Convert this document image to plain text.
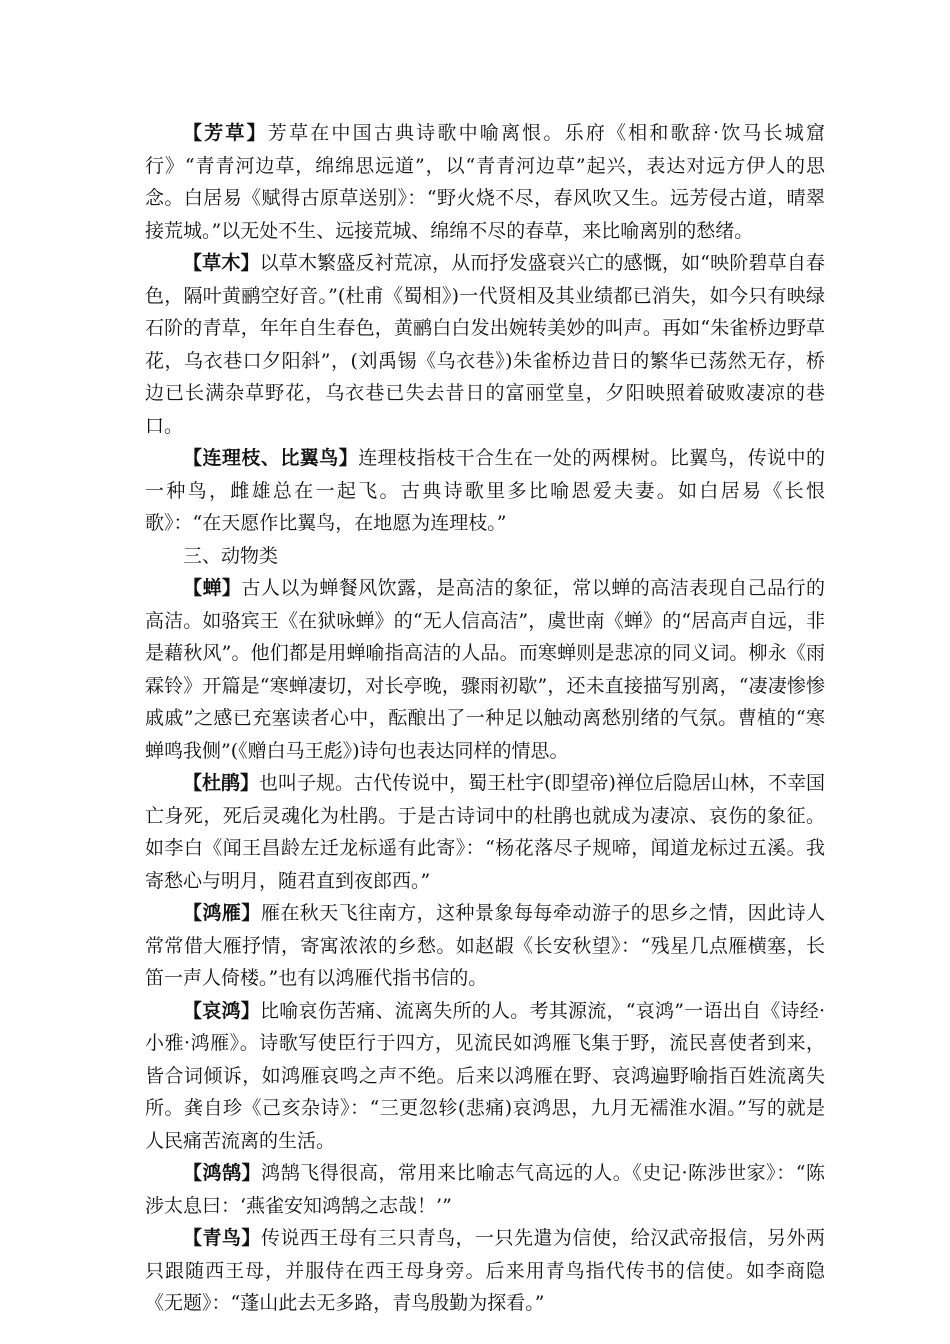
【芳草】芳草在中国古典诗歌中喻离恨。乐府《相和歌辞·饮马长城窟行》“青青河边草，绵绵思远道”，以“青青河边草”起兴，表达对远方伊人的思念。白居易《赋得古原草送别》：“野火烧不尽，春风吹又生。远芳侵古道，晴翠接荒城。”以无处不生、远接荒城、绵绵不尽的春草，来比喻离别的愁绪。

【草木】以草木繁盛反衬荒凉，从而抒发盛衰兴亡的感慨，如“映阶碧草自春色，隔叶黄鹂空好音。”(杜甫《蜀相》)一代贤相及其业绩都已消失，如今只有映绿石阶的青草，年年自生春色，黄鹂白白发出婉转美妙的叫声。再如“朱雀桥边野草花，乌衣巷口夕阳斜”，(刘禹锡《乌衣巷》)朱雀桥边昔日的繁华已荡然无存，桥边已长满杂草野花，乌衣巷已失去昔日的富丽堂皇，夕阳映照着破败凄凉的巷口。

【连理枝、比翼鸟】连理枝指枝干合生在一处的两棵树。比翼鸟，传说中的一种鸟，雌雄总在一起飞。古典诗歌里多比喻恩爱夫妻。如白居易《长恨歌》：“在天愿作比翼鸟，在地愿为连理枝。”

三、动物类

【蝉】古人以为蝉餐风饮露，是高洁的象征，常以蝉的高洁表现自己品行的高洁。如骆宾王《在狱咏蝉》的“无人信高洁”，虞世南《蝉》的“居高声自远，非是藉秋风”。他们都是用蝉喻指高洁的人品。而寒蝉则是悲凉的同义词。柳永《雨霖铃》开篇是“寒蝉凄切，对长亭晚，骤雨初歇”，还未直接描写别离，“凄凄惨惨戚戚”之感已充塞读者心中，酝酿出了一种足以触动离愁别绪的气氛。曹植的“寒蝉鸣我侧”(《赠白马王彪》)诗句也表达同样的情思。

【杜鹃】也叫子规。古代传说中，蜀王杜宇(即望帝)禅位后隐居山林，不幸国亡身死，死后灵魂化为杜鹃。于是古诗词中的杜鹃也就成为凄凉、哀伤的象征。如李白《闻王昌龄左迁龙标遥有此寄》：“杨花落尽子规啼，闻道龙标过五溪。我寄愁心与明月，随君直到夜郎西。”

【鸿雁】雁在秋天飞往南方，这种景象每每牵动游子的思乡之情，因此诗人常常借大雁抒情，寄寓浓浓的乡愁。如赵嘏《长安秋望》：“残星几点雁横塞，长笛一声人倚楼。”也有以鸿雁代指书信的。

【哀鸿】比喻哀伤苦痛、流离失所的人。考其源流，“哀鸿”一语出自《诗经·小雅·鸿雁》。诗歌写使臣行于四方，见流民如鸿雁飞集于野，流民喜使者到来，皆合词倾诉，如鸿雁哀鸣之声不绝。后来以鸿雁在野、哀鸿遍野喻指百姓流离失所。龚自珍《己亥杂诗》：“三更忽轸(悲痛)哀鸿思，九月无襦淮水湄。”写的就是人民痛苦流离的生活。

【鸿鹄】鸿鹄飞得很高，常用来比喻志气高远的人。《史记·陈涉世家》：“陈涉太息曰：‘燕雀安知鸿鹄之志哉！’”

【青鸟】传说西王母有三只青鸟，一只先遣为信使，给汉武帝报信，另外两只跟随西王母，并服侍在西王母身旁。后来用青鸟指代传书的信使。如李商隐《无题》：“蓬山此去无多路，青鸟殷勤为探看。”
